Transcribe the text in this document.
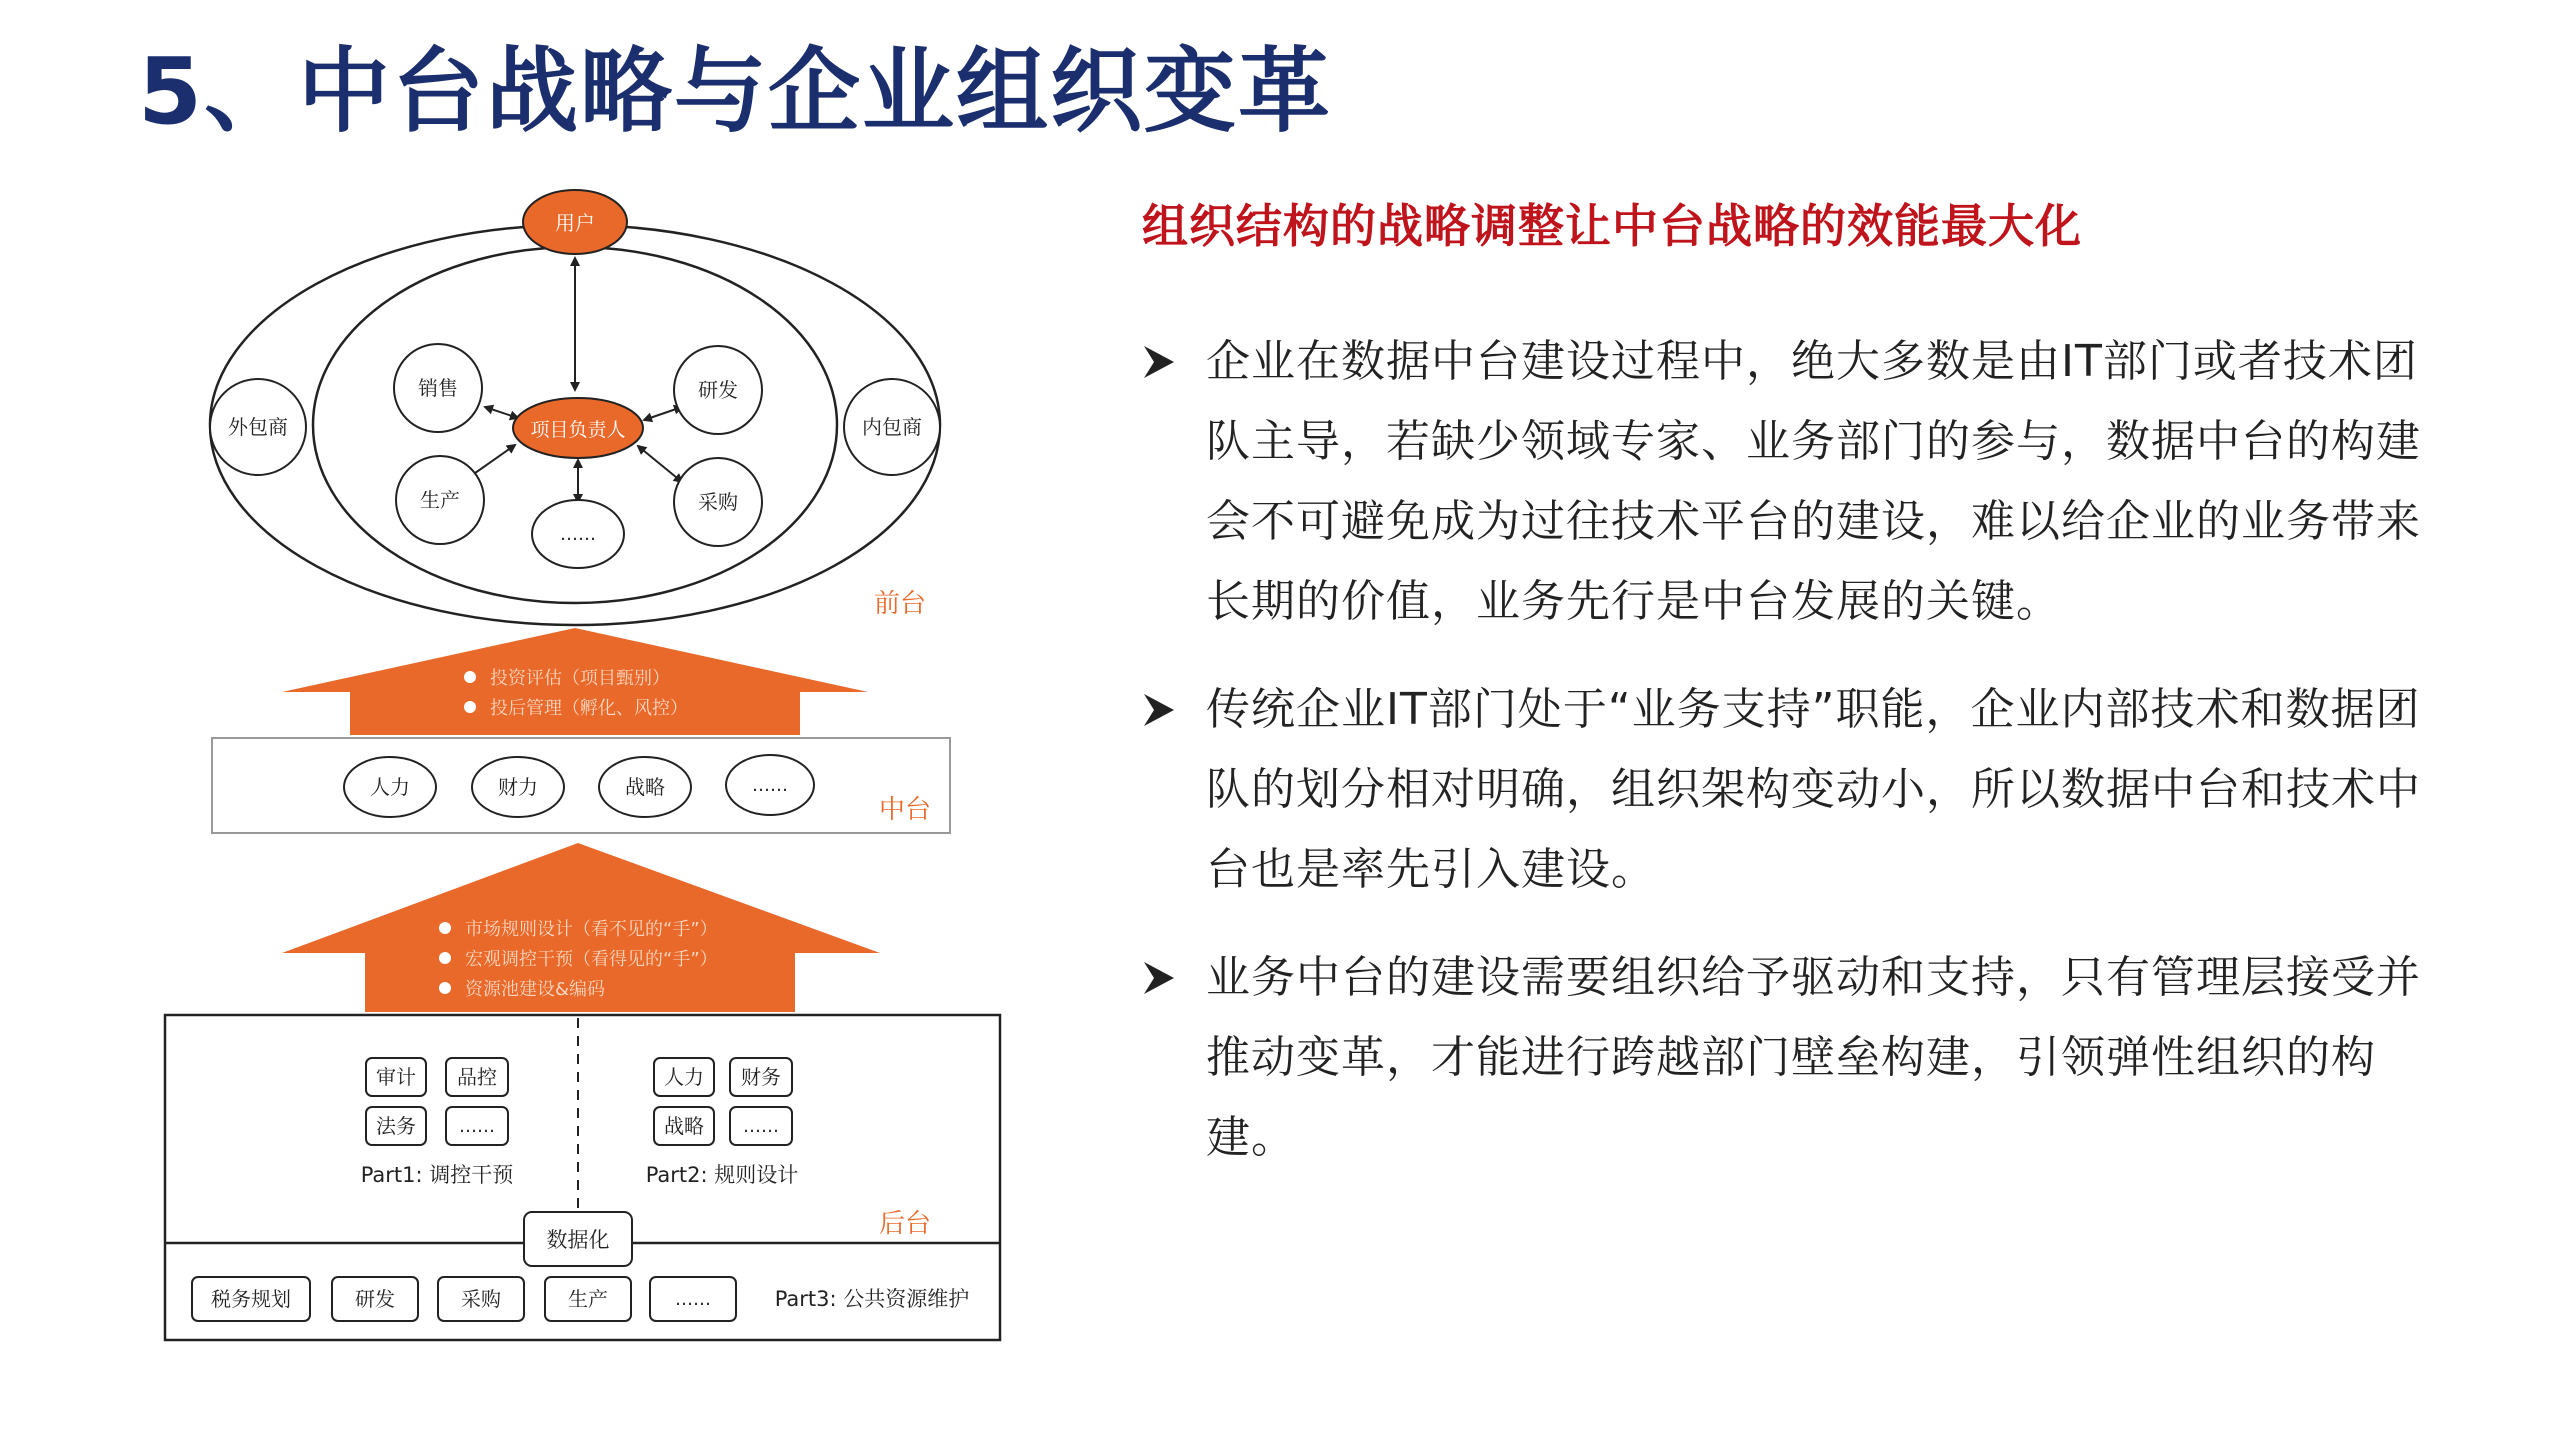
5、中台战略与企业组织变革
用户
项目负责人
外包商	内包商
销售	研发
生产	采购
……
前台
投资评估（项目甄别）
投后管理（孵化、风控）
人力	财力	战略	……
中台
市场规则设计（看不见的“手”）
宏观调控干预（看得见的“手”）
资源池建设&编码
审计 品控
法务 ……
Part1: 调控干预
人力 财务
战略 ……
Part2: 规则设计
后台
数据化
税务规划	研发	采购	生产	……	Part3: 公共资源维护
组织结构的战略调整让中台战略的效能最大化
企业在数据中台建设过程中，绝大多数是由IT部门或者技术团队主导，若缺少领域专家、业务部门的参与，数据中台的构建会不可避免成为过往技术平台的建设，难以给企业的业务带来长期的价值，业务先行是中台发展的关键。
传统企业IT部门处于“业务支持”职能，企业内部技术和数据团队的划分相对明确，组织架构变动小，所以数据中台和技术中台也是率先引入建设。
业务中台的建设需要组织给予驱动和支持，只有管理层接受并推动变革，才能进行跨越部门壁垒构建，引领弹性组织的构建。
